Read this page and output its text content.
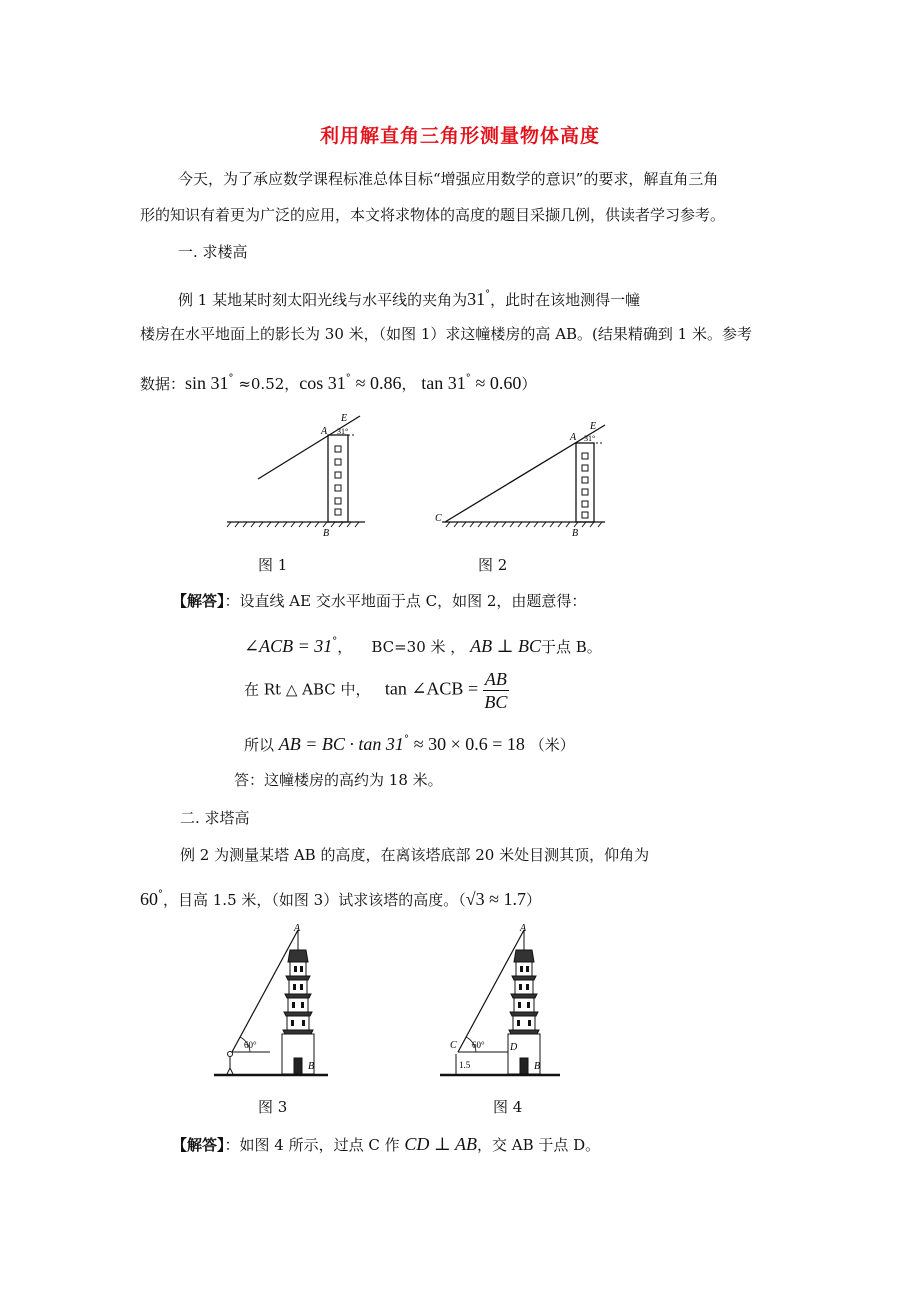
利用解直角三角形测量物体高度
今天，为了承应数学课程标准总体目标“增强应用数学的意识”的要求，解直角三角
形的知识有着更为广泛的应用，本文将求物体的高度的题目采撷几例，供读者学习参考。
一. 求楼高
例 1 某地某时刻太阳光线与水平线的夹角为31°，此时在该地测得一幢
楼房在水平地面上的影长为 30 米，（如图 1）求这幢楼房的高 AB。(结果精确到 1 米。参考
数据：sin 31° ≈0.52，cos 31° ≈ 0.86， tan 31° ≈ 0.60）
A
E
31°
B
图 1
C
A
E
31°
B
图 2
【解答】：设直线 AE 交水平地面于点 C，如图 2，由题意得：
∠ACB = 31°，    BC=30 米 ， AB ⊥ BC于点 B。
在 Rt △ ABC 中， tan ∠ACB = $\frac{AB}{BC}$
所以 AB = BC · tan 31° ≈ 30 × 0.6 = 18 （米）
答：这幢楼房的高约为 18 米。
二. 求塔高
例 2 为测量某塔 AB 的高度，在离该塔底部 20 米处目测其顶，仰角为
60°，目高 1.5 米，（如图 3）试求该塔的高度。（√3 ≈ 1.7）
A
B
60°
图 3
A
B
C	D
60°
1.5
图 4
【解答】：如图 4 所示，过点 C 作 CD ⊥ AB，交 AB 于点 D。
